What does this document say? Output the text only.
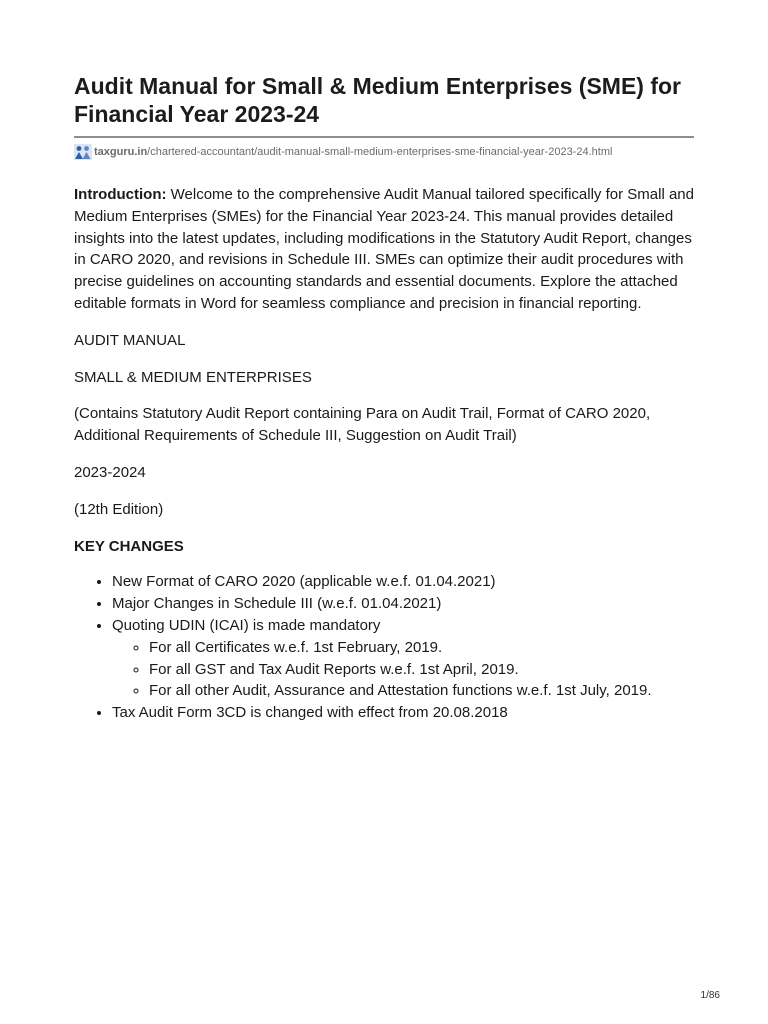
Audit Manual for Small & Medium Enterprises (SME) for Financial Year 2023-24
taxguru.in /chartered-accountant/audit-manual-small-medium-enterprises-sme-financial-year-2023-24.html

Introduction: Welcome to the comprehensive Audit Manual tailored specifically for Small and Medium Enterprises (SMEs) for the Financial Year 2023-24. This manual provides detailed insights into the latest updates, including modifications in the Statutory Audit Report, changes in CARO 2020, and revisions in Schedule III. SMEs can optimize their audit procedures with precise guidelines on accounting standards and essential documents. Explore the attached editable formats in Word for seamless compliance and precision in financial reporting.

AUDIT MANUAL

SMALL & MEDIUM ENTERPRISES

(Contains Statutory Audit Report containing Para on Audit Trail, Format of CARO 2020, Additional Requirements of Schedule III, Suggestion on Audit Trail)

2023-2024

(12th Edition)

KEY CHANGES

• New Format of CARO 2020 (applicable w.e.f. 01.04.2021)
• Major Changes in Schedule III (w.e.f. 01.04.2021)
• Quoting UDIN (ICAI) is made mandatory
◦ For all Certificates w.e.f. 1st February, 2019.
◦ For all GST and Tax Audit Reports w.e.f. 1st April, 2019.
◦ For all other Audit, Assurance and Attestation functions w.e.f. 1st July, 2019.
• Tax Audit Form 3CD is changed with effect from 20.08.2018
1/86
